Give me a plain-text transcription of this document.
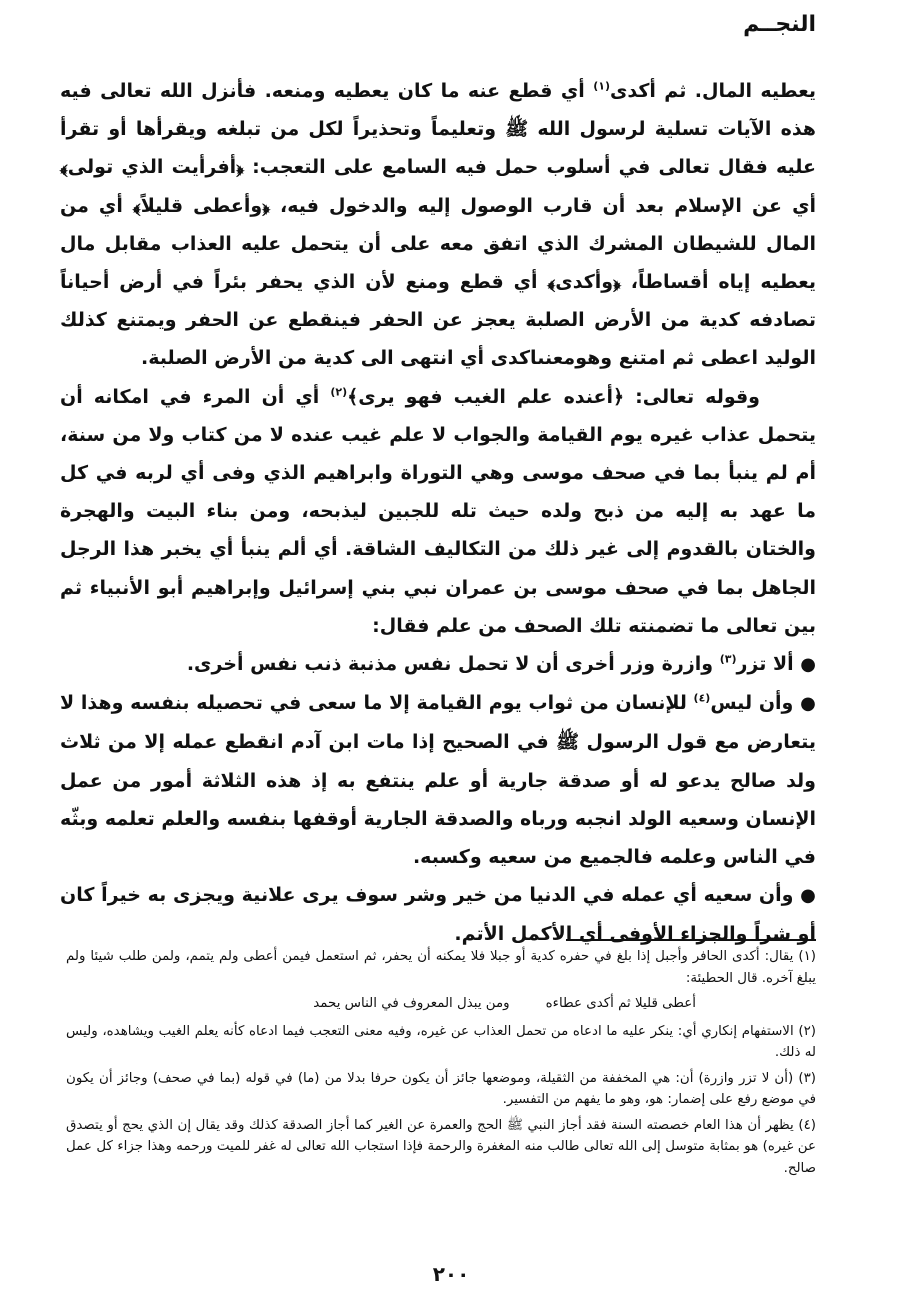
النجــم

يعطيه المال. ثم أكدى$^{(١)}$ أي قطع عنه ما كان يعطيه ومنعه. فأنزل الله تعالى فيه هذه الآيات تسلية لرسول الله ﷺ وتعليماً وتحذيراً لكل من تبلغه ويقرأها أو تقرأ عليه فقال تعالى في أسلوب حمل فيه السامع على التعجب: ﴿أفرأيت الذي تولى﴾ أي عن الإسلام بعد أن قارب الوصول إليه والدخول فيه، ﴿وأعطى قليلاً﴾ أي من المال للشيطان المشرك الذي اتفق معه على أن يتحمل عليه العذاب مقابل مال يعطيه إياه أقساطاً، ﴿وأكدى﴾ أي قطع ومنع لأن الذي يحفر بئراً في أرض أحياناً تصادفه كدية من الأرض الصلبة يعجز عن الحفر فينقطع عن الحفر ويمتنع كذلك الوليد اعطى ثم امتنع وهومعنىاكدى أي انتهى الى كدية من الأرض الصلبة.

وقوله تعالى: ﴿أعنده علم الغيب فهو يرى﴾$^{(٢)}$ أي أن المرء في امكانه أن يتحمل عذاب غيره يوم القيامة والجواب لا علم غيب عنده لا من كتاب ولا من سنة، أم لم ينبأ بما في صحف موسى وهي التوراة وابراهيم الذي وفى أي لربه في كل ما عهد به إليه من ذبح ولده حيث تله للجبين ليذبحه، ومن بناء البيت والهجرة والختان بالقدوم إلى غير ذلك من التكاليف الشاقة. أي ألم ينبأ أي يخبر هذا الرجل الجاهل بما في صحف موسى بن عمران نبي بني إسرائيل وإبراهيم أبو الأنبياء ثم بين تعالى ما تضمنته تلك الصحف من علم فقال:

● ألا تزر$^{(٣)}$ وازرة وزر أخرى أن لا تحمل نفس مذنبة ذنب نفس أخرى.

● وأن ليس$^{(٤)}$ للإنسان من ثواب يوم القيامة إلا ما سعى في تحصيله بنفسه وهذا لا يتعارض مع قول الرسول ﷺ في الصحيح إذا مات ابن آدم انقطع عمله إلا من ثلاث ولد صالح يدعو له أو صدقة جارية أو علم ينتفع به إذ هذه الثلاثة أمور من عمل الإنسان وسعيه الولد انجبه ورباه والصدقة الجارية أوقفها بنفسه والعلم تعلمه وبثّه في الناس وعلمه فالجميع من سعيه وكسبه.

● وأن سعيه أي عمله في الدنيا من خير وشر سوف يرى علانية ويجزى به خيراً كان أو شراً والجزاء الأوفى أي الأكمل الأتم.

(١) يقال: أكدى الحافر وأجبل إذا بلغ في حفره كدية أو جبلا فلا يمكنه أن يحفر، ثم استعمل فيمن أعطى ولم يتمم، ولمن طلب شيئا ولم يبلغ آخره. قال الحطيئة:

أعطى قليلا ثم أكدى عطاءه
ومن يبذل المعروف في الناس يحمد

(٢) الاستفهام إنكاري أي: ينكر عليه ما ادعاه من تحمل العذاب عن غيره، وفيه معنى التعجب فيما ادعاه كأنه يعلم الغيب ويشاهده، وليس له ذلك.

(٣) (أن لا تزر وازرة) أن: هي المخففة من الثقيلة، وموضعها جائز أن يكون حرفا بدلا من (ما) في قوله (بما في صحف) وجائز أن يكون في موضع رفع على إضمار: هو، وهو ما يفهم من التفسير.

(٤) يظهر أن هذا العام خصصته السنة فقد أجاز النبي ﷺ الحج والعمرة عن الغير كما أجاز الصدقة كذلك وقد يقال إن الذي يحج أو يتصدق عن غيره) هو بمثابة متوسل إلى الله تعالى طالب منه المغفرة والرحمة فإذا استجاب الله تعالى له غفر للميت ورحمه وهذا جزاء كل عمل صالح.

٢٠٠
